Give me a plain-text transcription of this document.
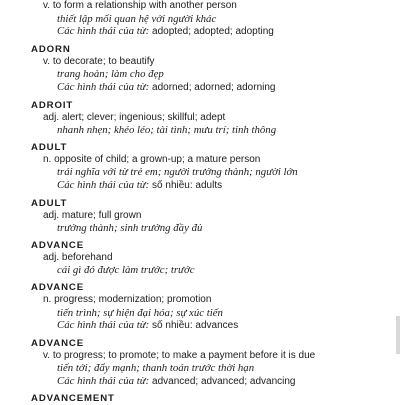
v. to form a relationship with another person
thiết lập mối quan hệ với người khác
Các hình thái của từ: adopted; adopted; adopting
ADORN
v. to decorate; to beautify
trang hoàn; làm cho đẹp
Các hình thái của từ: adorned; adorned; adorning
ADROIT
adj. alert; clever; ingenious; skillful; adept
nhanh nhẹn; khéo léo; tài tình; mưu trí; tinh thông
ADULT
n. opposite of child; a grown-up; a mature person
trái nghĩa với từ trẻ em; người trưởng thành; người lớn
Các hình thái của từ: số nhiều: adults
ADULT
adj. mature; full grown
trưởng thành; sinh trưởng đầy đủ
ADVANCE
adj. beforehand
cái gì đó được làm trước; trước
ADVANCE
n. progress; modernization; promotion
tiến trình; sự hiện đại hóa; sự xúc tiến
Các hình thái của từ: số nhiều: advances
ADVANCE
v. to progress; to promote; to make a payment before it is due
tiến tới; đẩy mạnh; thanh toán trước thời hạn
Các hình thái của từ: advanced; advanced; advancing
ADVANCEMENT
